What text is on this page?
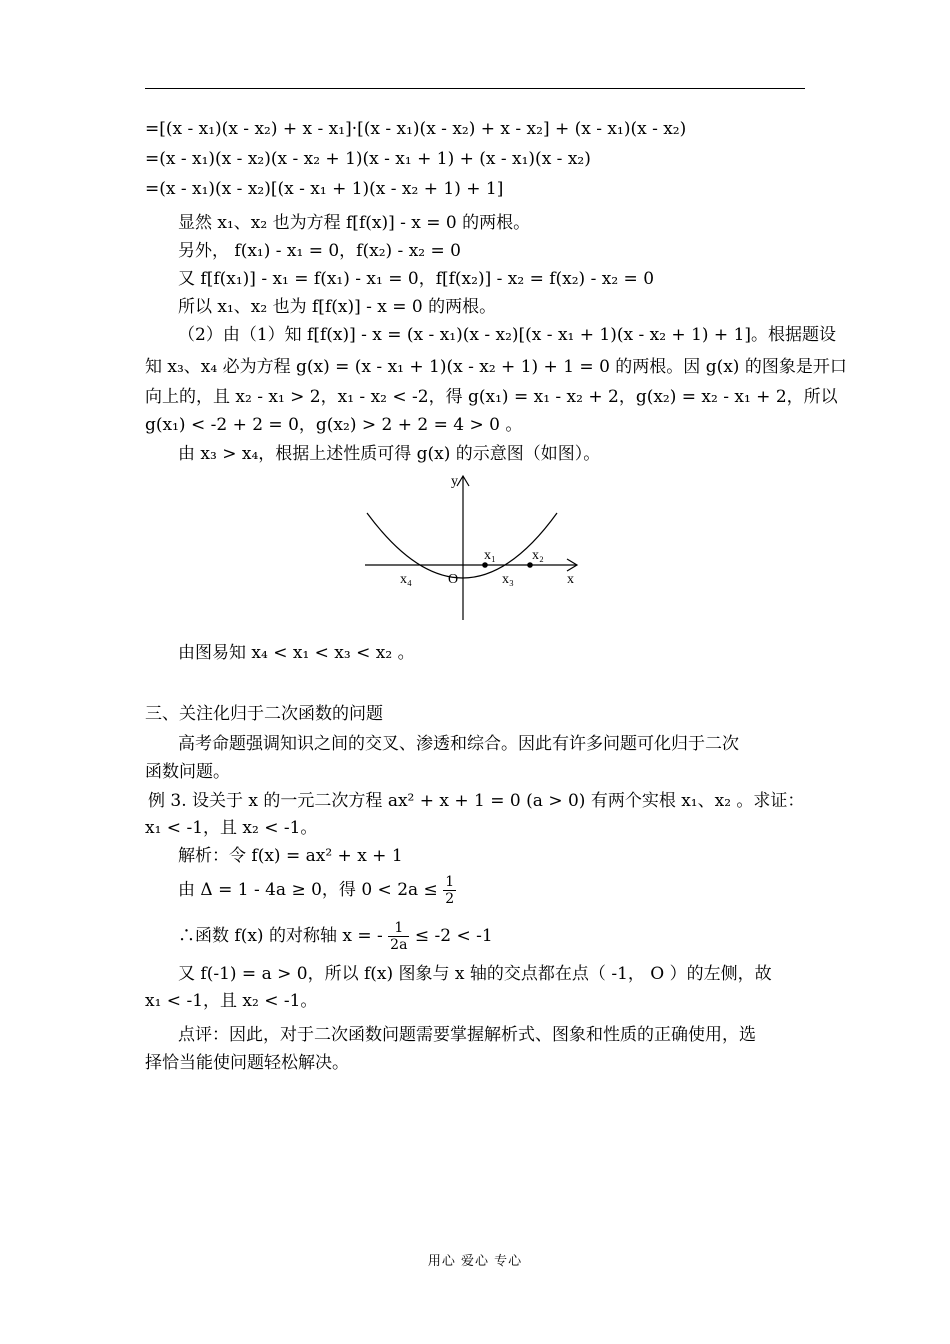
=[(x - x₁)(x - x₂) + x - x₁]·[(x - x₁)(x - x₂) + x - x₂] + (x - x₁)(x - x₂)
=(x - x₁)(x - x₂)(x - x₂ + 1)(x - x₁ + 1) + (x - x₁)(x - x₂)
=(x - x₁)(x - x₂)[(x - x₁ + 1)(x - x₂ + 1) + 1]
显然 x₁、x₂ 也为方程 f[f(x)] - x = 0 的两根。
另外， f(x₁) - x₁ = 0，f(x₂) - x₂ = 0
又 f[f(x₁)] - x₁ = f(x₁) - x₁ = 0，f[f(x₂)] - x₂ = f(x₂) - x₂ = 0
所以 x₁、x₂ 也为 f[f(x)] - x = 0 的两根。
（2）由（1）知 f[f(x)] - x = (x - x₁)(x - x₂)[(x - x₁ + 1)(x - x₂ + 1) + 1]。根据题设
知 x₃、x₄ 必为方程 g(x) = (x - x₁ + 1)(x - x₂ + 1) + 1 = 0 的两根。因 g(x) 的图象是开口
向上的，且 x₂ - x₁ > 2，x₁ - x₂ < -2，得 g(x₁) = x₁ - x₂ + 2，g(x₂) = x₂ - x₁ + 2，所以
g(x₁) < -2 + 2 = 0，g(x₂) > 2 + 2 = 4 > 0 。
由 x₃ > x₄，根据上述性质可得 g(x) 的示意图（如图）。
y
x
O
x₁	x₂
x₃
x₄
由图易知 x₄ < x₁ < x₃ < x₂ 。
三、关注化归于二次函数的问题
高考命题强调知识之间的交叉、渗透和综合。因此有许多问题可化归于二次
函数问题。
例 3. 设关于 x 的一元二次方程 ax² + x + 1 = 0 (a > 0) 有两个实根 x₁、x₂ 。求证：
x₁ < -1，且 x₂ < -1。
解析：令 f(x) = ax² + x + 1
由 Δ = 1 - 4a ≥ 0，得 $0 < 2a \le \frac{1}{2}$
∴函数 f(x) 的对称轴 x = - $\frac{1}{2a} \le -2 < -1$
又 f(-1) = a > 0，所以 f(x) 图象与 x 轴的交点都在点（ -1， O ）的左侧，故
x₁ < -1，且 x₂ < -1。
点评：因此，对于二次函数问题需要掌握解析式、图象和性质的正确使用，选
择恰当能使问题轻松解决。
用心 爱心 专心
